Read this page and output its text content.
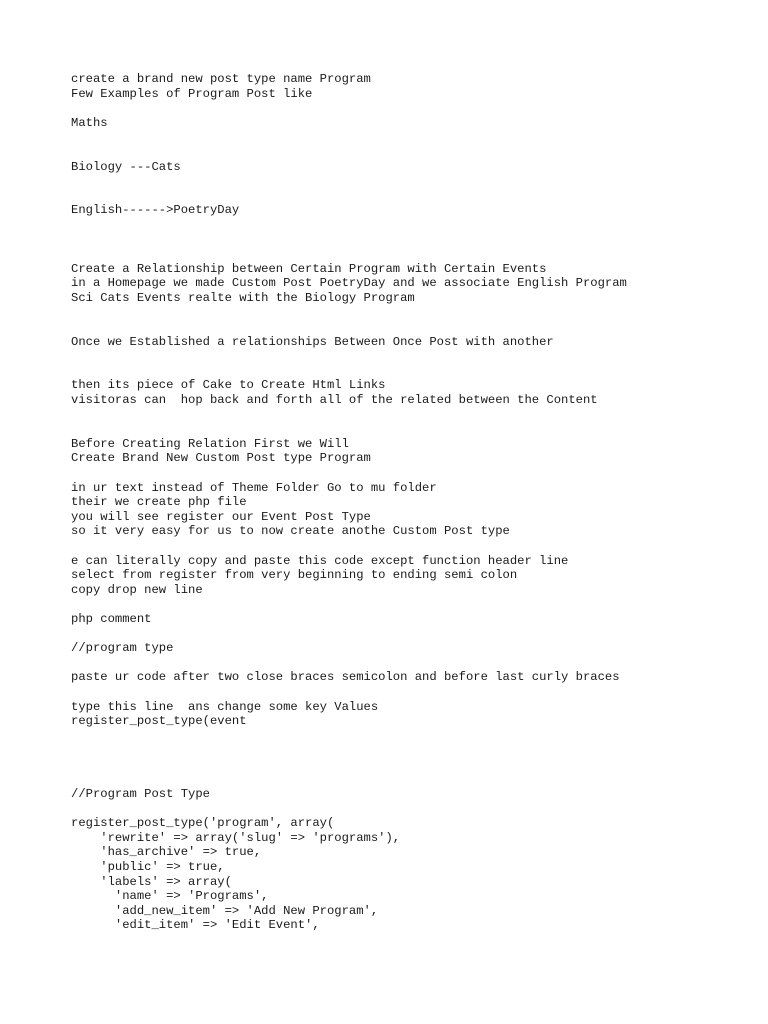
create a brand new post type name Program
Few Examples of Program Post like

Maths

Biology ---Cats

English------>PoetryDay

Create a Relationship between Certain Program with Certain Events
in a Homepage we made Custom Post PoetryDay and we associate English Program
Sci Cats Events realte with the Biology Program

Once we Established a relationships Between Once Post with another

then its piece of Cake to Create Html Links
visitoras can  hop back and forth all of the related between the Content

Before Creating Relation First we Will
Create Brand New Custom Post type Program

in ur text instead of Theme Folder Go to mu folder
their we create php file
you will see register our Event Post Type
so it very easy for us to now create anothe Custom Post type

e can literally copy and paste this code except function header line
select from register from very beginning to ending semi colon
copy drop new line

php comment

//program type

paste ur code after two close braces semicolon and before last curly braces

type this line  ans change some key Values
register_post_type(event

//Program Post Type

register_post_type('program', array(
'rewrite' => array('slug' => 'programs'),
'has_archive' => true,
'public' => true,
'labels' => array(
'name' => 'Programs',
'add_new_item' => 'Add New Program',
'edit_item' => 'Edit Event',
